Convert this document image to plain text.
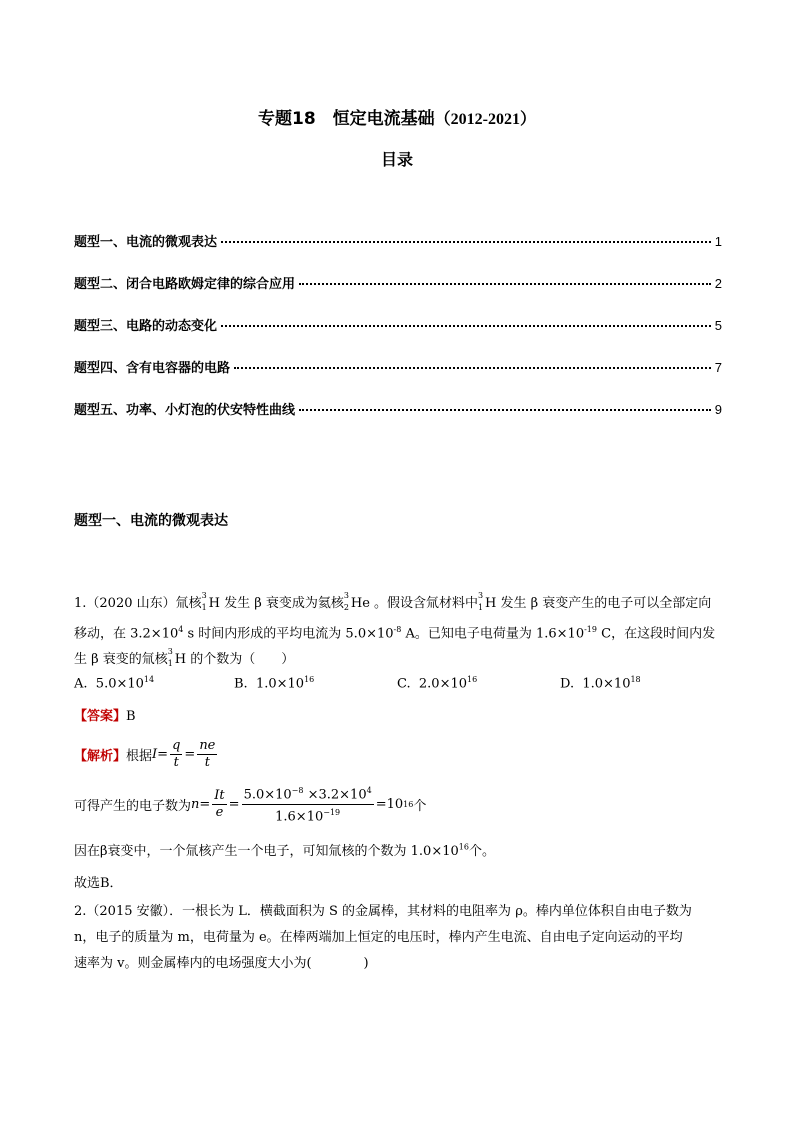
专题18　恒定电流基础（2012-2021）
目录
题型一、电流的微观表达	1
题型二、闭合电路欧姆定律的综合应用	2
题型三、电路的动态变化	5
题型四、含有电容器的电路	7
题型五、功率、小灯泡的伏安特性曲线	9
题型一、电流的微观表达
1.（2020 山东）氚核
3
1 H 发生 β 衰变成为氦核
3
2 He 。假设含氚材料中
3
1 H 发生 β 衰变产生的电子可以全部定向
移动，在 $3.2\times 10^4$ s 时间内形成的平均电流为 $5.0\times 10^{-8}$ A。已知电子电荷量为 $1.6\times 10^{-19}$ C，在这段时间内发
生 β 衰变的氚核
3
1 H 的个数为（　　）
A. $5.0\times 10^{14}$	B. $1.0\times 10^{16}$	C. $2.0\times 10^{16}$	D. $1.0\times 10^{18}$
【答案】B
【解析】 根据 $I = \frac{q}{t} = \frac{ne}{t}$
可得产生的电子数为 $n = \frac{It}{e} = \frac{5.0\times 10^{-8} \times 3.2\times 10^4}{1.6\times 10^{-19}} = 10$ 16 个
因在β衰变中，一个氚核产生一个电子，可知氚核的个数为 $1.0\times 10^{16}$个。
故选B．
2.（2015 安徽）．一根长为 L．横截面积为 S 的金属棒，其材料的电阻率为 ρ。棒内单位体积自由电子数为
n，电子的质量为 m，电荷量为 e。在棒两端加上恒定的电压时，棒内产生电流、自由电子定向运动的平均
速率为 v。则金属棒内的电场强度大小为(　　　　)
